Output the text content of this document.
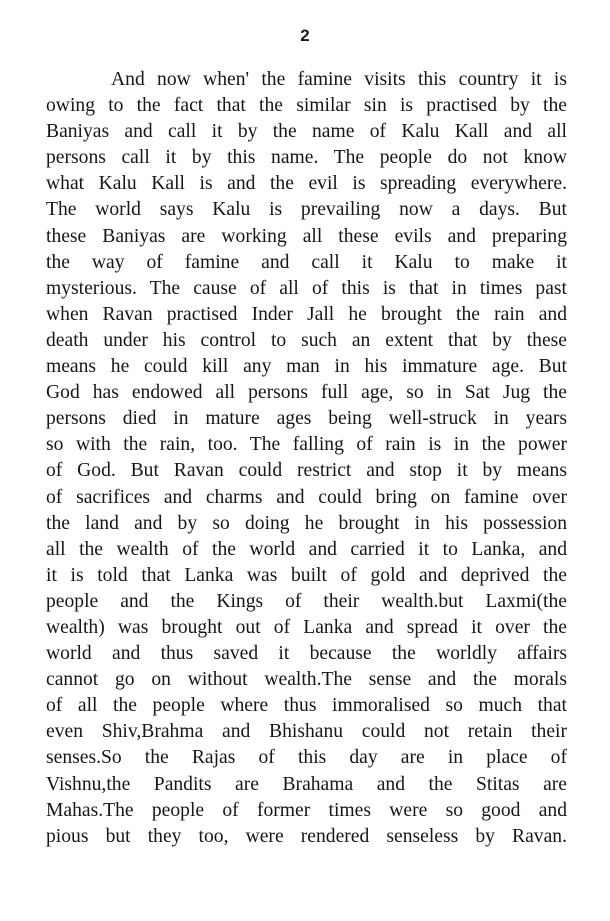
2
And now when' the famine visits this country it is
owing to the fact that the similar sin is practised by the
Baniyas and call it by the name of Kalu Kall and all
persons call it by this name. The people do not know
what Kalu Kall is and the evil is spreading everywhere.
The world says Kalu is prevailing now a days. But
these Baniyas are working all these evils and preparing
the way of famine and call it Kalu to make it
mysterious. The cause of all of this is that in times past
when Ravan practised Inder Jall he brought the rain and
death under his control to such an extent that by these
means he could kill any man in his immature age. But
God has endowed all persons full age, so in Sat Jug the
persons died in mature ages being well-struck in years
so with the rain, too. The falling of rain is in the power
of God. But Ravan could restrict and stop it by means
of sacrifices and charms and could bring on famine over
the land and by so doing he brought in his possession
all the wealth of the world and carried it to Lanka, and
it is told that Lanka was built of gold and deprived the
people and the Kings of their wealth.but Laxmi(the
wealth) was brought out of Lanka and spread it over the
world and thus saved it because the worldly affairs
cannot go on without wealth.The sense and the morals
of all the people where thus immoralised so much that
even Shiv,Brahma and Bhishanu could not retain their
senses.So the Rajas of this day are in place of
Vishnu,the Pandits are Brahama and the Stitas are
Mahas.The people of former times were so good and
pious but they too, were rendered senseless by Ravan.
